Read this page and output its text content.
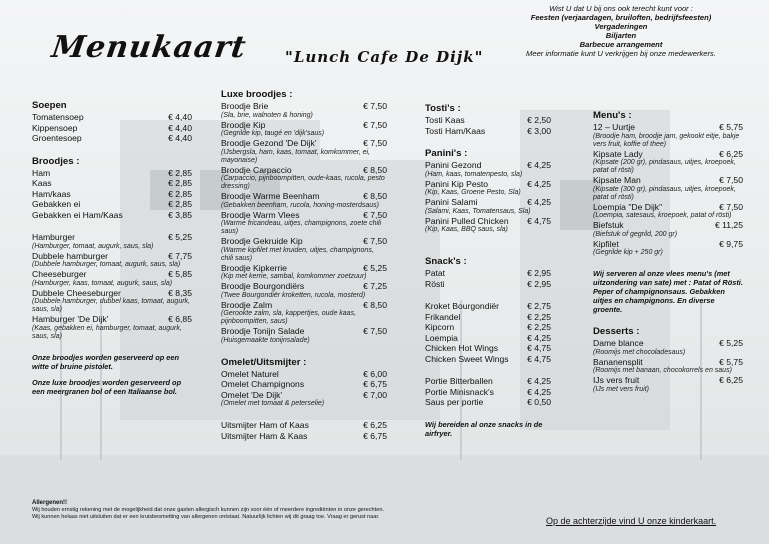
Menukaart "Lunch Cafe De Dijk"
Wist U dat U bij ons ook terecht kunt voor :
Feesten (verjaardagen, bruiloften, bedrijfsfeesten)
Vergaderingen
Biljarten
Barbecue arrangement
Meer informatie kunt U verkrijgen bij onze medewerkers.
Soepen
Tomatensoep	€ 4,40
Kippensoep	€ 4,40
Groentesoep	€ 4,40
Broodjes :
Ham	€ 2,85
Kaas	€ 2,85
Ham/kaas	€ 2,85
Gebakken ei	€ 2,85
Gebakken ei Ham/Kaas	€ 3,85
Hamburger	€ 5,25
(Hamburger, tomaat, augurk, saus, sla)
Dubbele hamburger	€ 7,75
(Dubbele hamburger, tomaat, augurk, saus, sla)
Cheeseburger	€ 5,85
(Hamburger, kaas, tomaat, augurk, saus, sla)
Dubbele Cheeseburger	€ 8,35
(Dubbele hamburger, dubbel kaas, tomaat, augurk, saus, sla)
Hamburger 'De Dijk'	€ 6,85
(Kaas, gebakken ei, hamburger, tomaat, augurk, saus, sla)
Onze broodjes worden geserveerd op een witte of bruine pistolet.
Onze luxe broodjes worden geserveerd op een meergranen bol of een Italiaanse bol.
Luxe broodjes :
Broodje Brie	€ 7,50
(Sla, brie, walnoten & honing)
Broodje Kip	€ 7,50
(Gegrilde kip, taugé en 'dijk'saus)
Broodje Gezond 'De Dijk'	€ 7,50
(IJsbergsla, ham, kaas, tomaat, komkommer, ei, mayonaise)
Broodje Carpaccio	€ 8,50
(Carpaccio, pijnboompitten, oude-kaas, rucola, pesto dressing)
Broodje Warme Beenham	€ 8,50
(Gebakken beenham, rucola, honing-mosterdsaus)
Broodje Warm Vlees	€ 7,50
(Warme fricandeau, uitjes, champignons, zoete chili saus)
Broodje Gekruide Kip	€ 7,50
(Warme kipfilet met kruiden, uitjes, champignons, chili saus)
Broodje Kipkerrie	€ 5,25
(Kip met kerrie, sambal, komkommer zoetzuur)
Broodje Bourgondiërs	€ 7,25
(Twee Bourgondiër kroketten, rucola, mosterd)
Broodje Zalm	€ 8,50
(Gerookte zalm, sla, kappertjes, oude kaas, pijnboompitten, saus)
Broodje Tonijn Salade	€ 7,50
(Huisgemaakte tonijnsalade)
Omelet/Uitsmijter :
Omelet Naturel	€ 6,00
Omelet Champignons	€ 6,75
Omelet 'De Dijk'	€ 7,00
(Omelet met tomaat & peterselie)
Uitsmijter Ham of Kaas	€ 6,25
Uitsmijter Ham & Kaas	€ 6,75
Tosti's :
Tosti Kaas	€ 2,50
Tosti Ham/Kaas	€ 3,00
Panini's :
Panini Gezond	€ 4,25
(Ham, kaas, tomatenpesto, sla)
Panini Kip Pesto	€ 4,25
(Kip, Kaas, Groene Pesto, Sla)
Panini Salami	€ 4,25
(Salami, Kaas, Tomatensaus, Sla)
Panini Pulled Chicken	€ 4,75
(Kip, Kaas, BBQ saus, sla)
Snack's :
Patat	€ 2,95
Rösti	€ 2,95
Kroket Bourgondiër	€ 2,75
Frikandel	€ 2,25
Kipcorn	€ 2,25
Loempia	€ 4,25
Chicken Hot Wings	€ 4,75
Chicken Sweet Wings	€ 4,75
Portie Bitterballen	€ 4,25
Portie Minisnack's	€ 4,25
Saus per portie	€ 0,50
Wij bereiden al onze snacks in de airfryer.
Menu's :
12 – Uurtje	€ 5,75
(Broodje ham, broodje jam, gekookt eitje, bakje vers fruit, koffie of thee)
Kipsate Lady	€ 6,25
(Kipsate (200 gr), pindasaus, uitjes, kroepoek, patat of rösti)
Kipsate Man	€ 7,50
(Kipsate (300 gr), pindasaus, uitjes, kroepoek, patat of rösti)
Loempia "De Dijk"	€ 7,50
(Loempia, satesaus, kroepoek, patat of rösti)
Biefstuk	€ 11,25
(Biefstuk of gegrild, 200 gr)
Kipfilet	€ 9,75
(Gegrilde kip + 250 gr)
Wij serveren al onze vlees menu's (met uitzondering van sate) met : Patat of Rösti. Peper of champignonsaus. Gebakken uitjes en champignons. En diverse groente.
Desserts :
Dame blance	€ 5,25
(Roomijs met chocoladesaus)
Bananensplit	€ 5,75
(Roomijs met banaan, chocokorrels en saus)
IJs vers fruit	€ 6,25
(IJs met vers fruit)
Allergenen!!
Wij houden ernstig rekening met de mogelijkheid dat onze gasten allergisch kunnen zijn voor één of meerdere ingrediënten in onze gerechten.
Wij kunnen helaas niet uitsluiten dat er een kruisbesmetting van allergenen ontstaat. Natuurlijk lichten wij dit graag toe. Vraag er gerust naar.	Op de achterzijde vind U onze kinderkaart.
